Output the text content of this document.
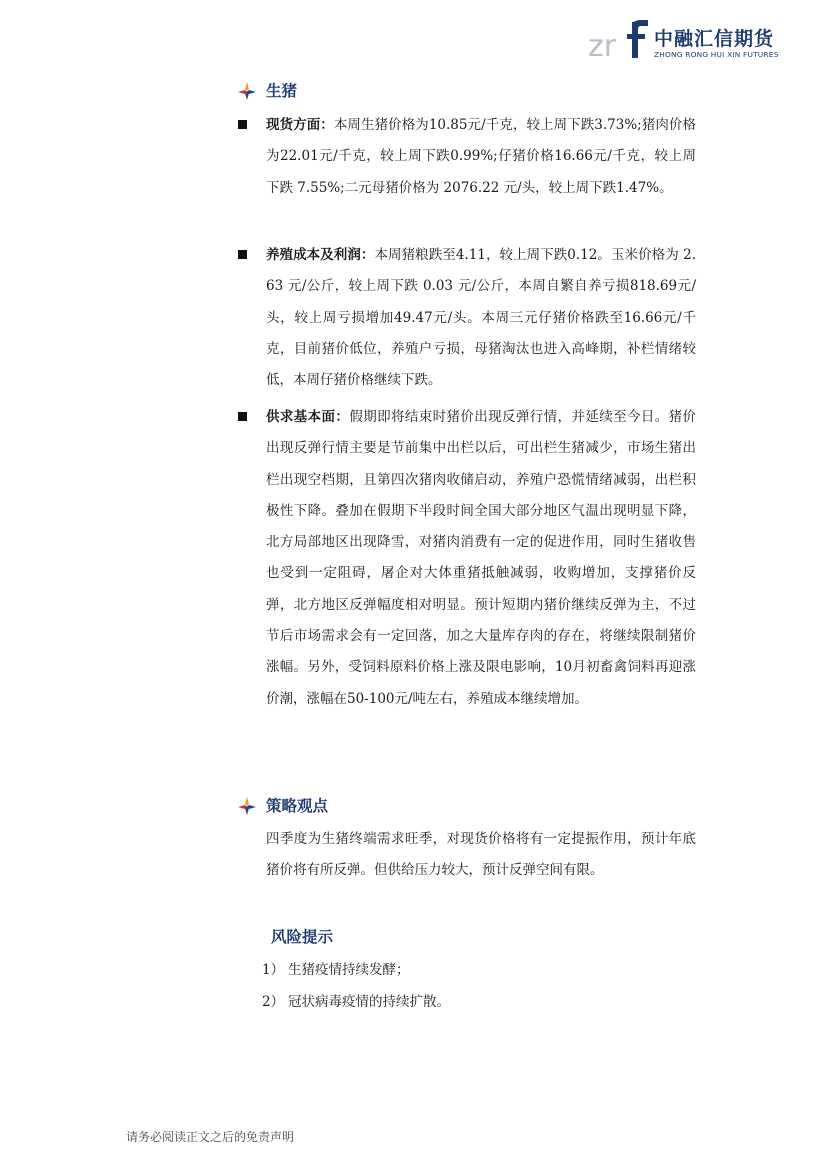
zr 中融汇信期货
ZHONG RONG HUI XIN FUTURES
生猪
现货方面：本周生猪价格为10.85元/千克，较上周下跌3.73%;猪肉价格为22.01元/千克，较上周下跌0.99%;仔猪价格16.66元/千克，较上周下跌 7.55%;二元母猪价格为 2076.22 元/头，较上周下跌1.47%。
养殖成本及利润：本周猪粮跌至4.11，较上周下跌0.12。玉米价格为 2.63 元/公斤，较上周下跌 0.03 元/公斤，本周自繁自养亏损818.69元/头，较上周亏损增加49.47元/头。本周三元仔猪价格跌至16.66元/千克，目前猪价低位，养殖户亏损，母猪淘汰也进入高峰期，补栏情绪较低，本周仔猪价格继续下跌。
供求基本面：假期即将结束时猪价出现反弹行情，并延续至今日。猪价出现反弹行情主要是节前集中出栏以后，可出栏生猪减少，市场生猪出栏出现空档期，且第四次猪肉收储启动，养殖户恐慌情绪减弱，出栏积极性下降。叠加在假期下半段时间全国大部分地区气温出现明显下降，北方局部地区出现降雪，对猪肉消费有一定的促进作用，同时生猪收售也受到一定阻碍，屠企对大体重猪抵触减弱，收购增加，支撑猪价反弹，北方地区反弹幅度相对明显。预计短期内猪价继续反弹为主，不过节后市场需求会有一定回落，加之大量库存肉的存在，将继续限制猪价涨幅。另外，受饲料原料价格上涨及限电影响，10月初畜禽饲料再迎涨价潮，涨幅在50-100元/吨左右，养殖成本继续增加。
策略观点
四季度为生猪终端需求旺季，对现货价格将有一定提振作用，预计年底猪价将有所反弹。但供给压力较大，预计反弹空间有限。
风险提示
1） 生猪疫情持续发酵；
2） 冠状病毒疫情的持续扩散。
请务必阅读正文之后的免责声明
